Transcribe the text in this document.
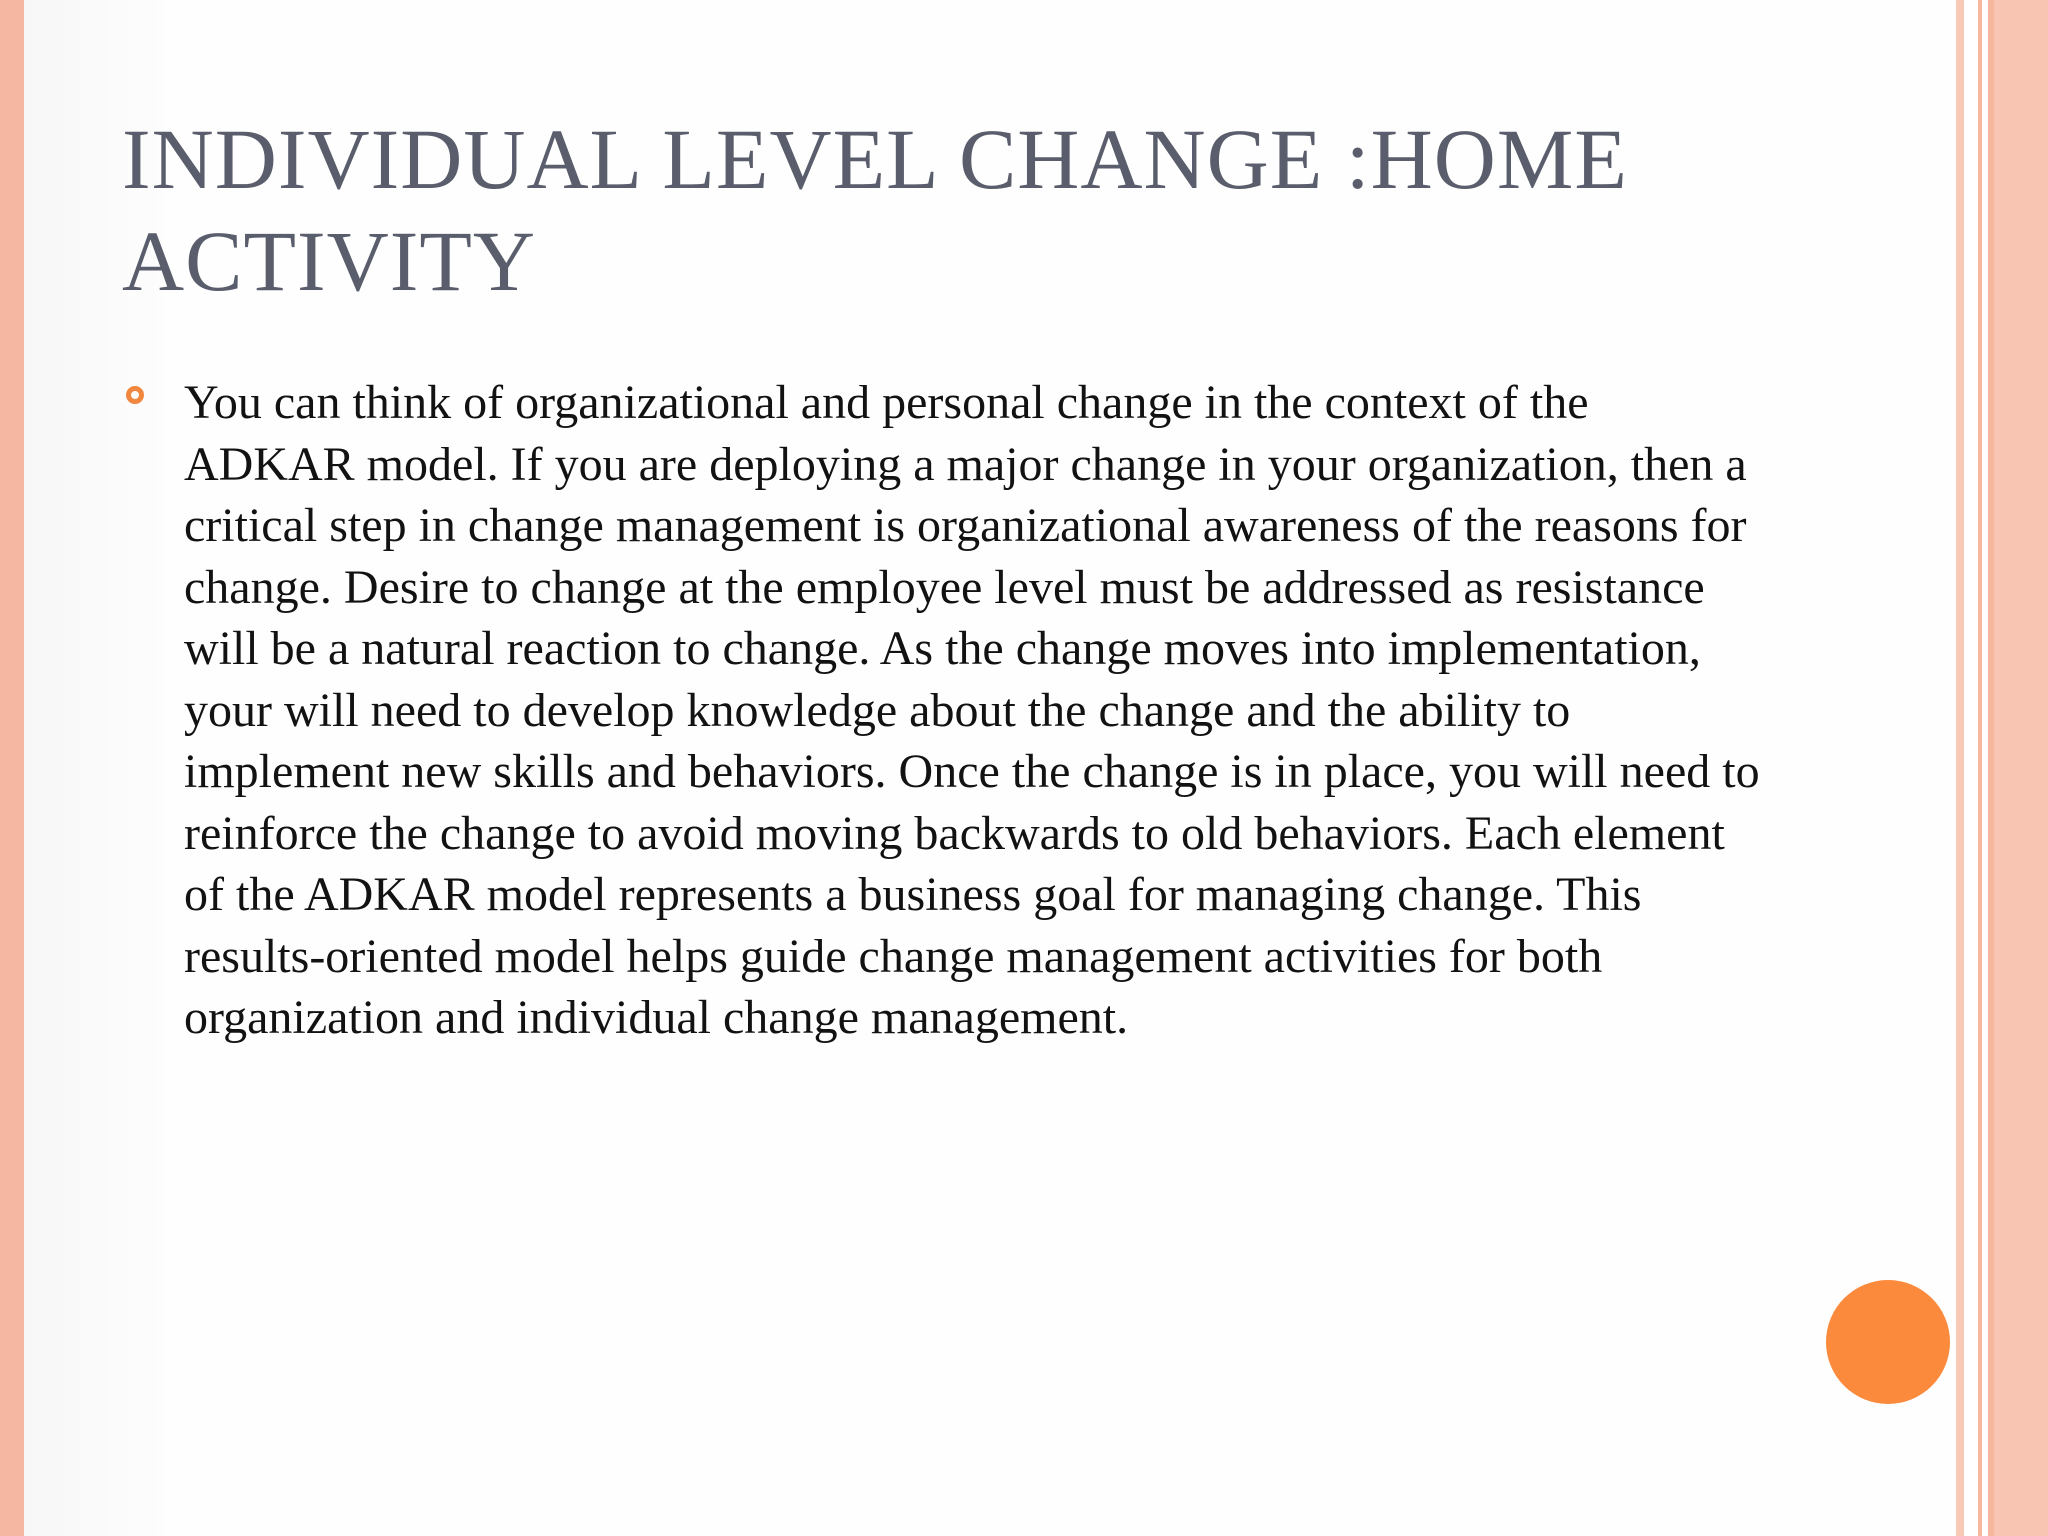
INDIVIDUAL LEVEL CHANGE :HOME ACTIVITY

You can think of organizational and personal change in the context of the ADKAR model. If you are deploying a major change in your organization, then a critical step in change management is organizational awareness of the reasons for change. Desire to change at the employee level must be addressed as resistance will be a natural reaction to change. As the change moves into implementation, your will need to develop knowledge about the change and the ability to implement new skills and behaviors. Once the change is in place, you will need to reinforce the change to avoid moving backwards to old behaviors. Each element of the ADKAR model represents a business goal for managing change. This results-oriented model helps guide change management activities for both organization and individual change management.
